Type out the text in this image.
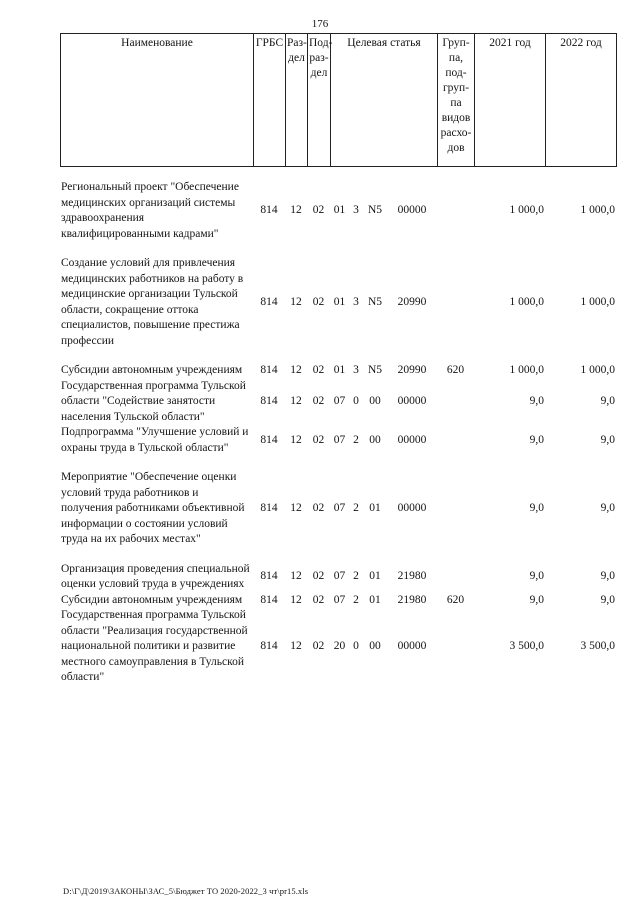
176
Наименование	ГРБС	Раз-дел	Под-раз-дел	Целевая статья	Груп-па, под-груп-па видов расхо-дов	2021 год	2022 год
Региональный проект "Обеспечение медицинских организаций системы здравоохранения квалифицированными кадрами"	814	12	02	01	3	N5	00000		1 000,0	1 000,0

Создание условий для привлечения медицинских работников на работу в медицинские организации Тульской области, сокращение оттока специалистов, повышение престижа профессии	814	12	02	01	3	N5	20990		1 000,0	1 000,0

Субсидии автономным учреждениям	814	12	02	01	3	N5	20990	620	1 000,0	1 000,0
Государственная программа Тульской области "Содействие занятости населения Тульской области"	814	12	02	07	0	00	00000		9,0	9,0
Подпрограмма "Улучшение условий и охраны труда в Тульской области"	814	12	02	07	2	00	00000		9,0	9,0

Мероприятие "Обеспечение оценки условий труда работников и получения работниками объективной информации о состоянии условий труда на их рабочих местах"	814	12	02	07	2	01	00000		9,0	9,0

Организация проведения специальной оценки условий труда в учреждениях	814	12	02	07	2	01	21980		9,0	9,0
Субсидии автономным учреждениям	814	12	02	07	2	01	21980	620	9,0	9,0
Государственная программа Тульской области "Реализация государственной национальной политики и развитие местного самоуправления в Тульской области"	814	12	02	20	0	00	00000		3 500,0	3 500,0
D:\Г\Д\2019\ЗАКОНЫ\ЗАС_5\Бюджет ТО 2020-2022_3 чт\pr15.xls
